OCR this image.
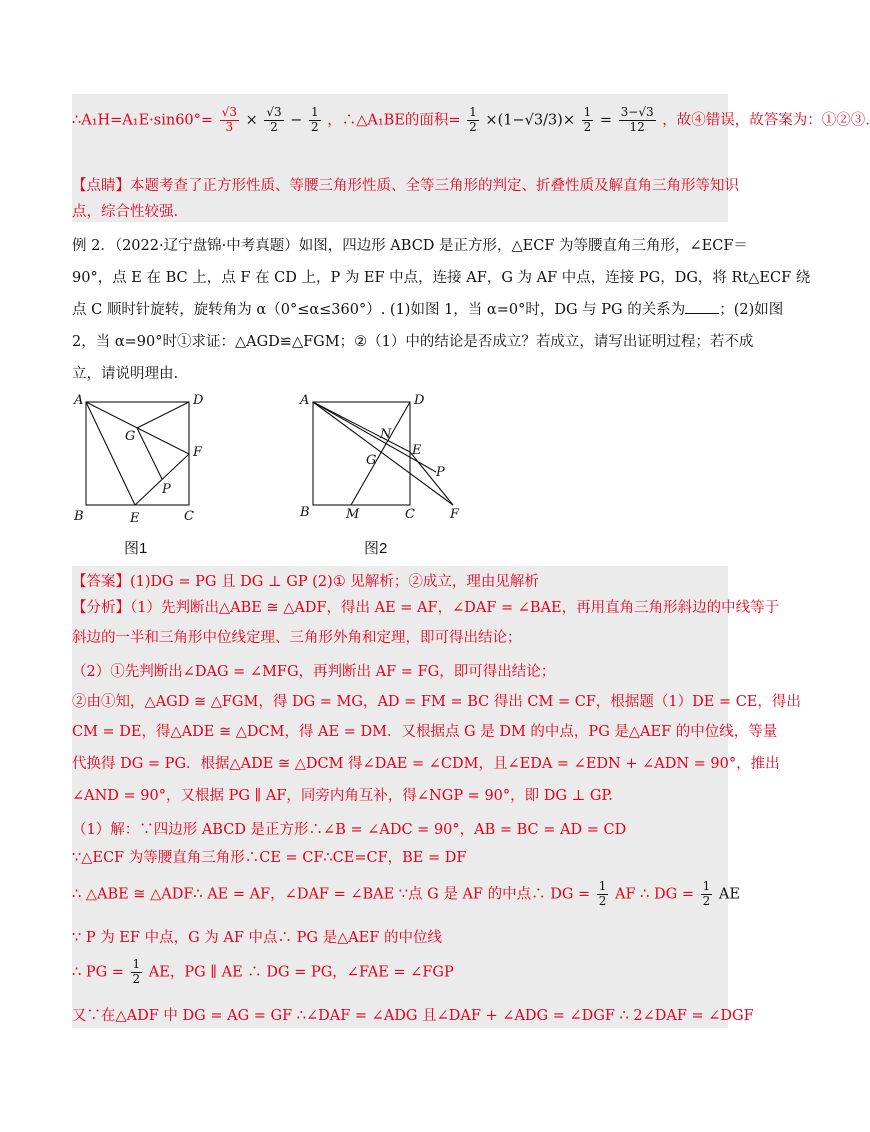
∴A₁H=A₁E·sin60°= $\frac{√3}{3} \times \frac{√3}{2} - \frac{1}{2}$ ，∴△A₁BE的面积= $\frac{1}{2} \times(1-√3/3)\times \frac{1}{2} = \frac{3-√3}{12}$ ，故④错误，故答案为：①②③.
【点睛】本题考查了正方形性质、等腰三角形性质、全等三角形的判定、折叠性质及解直角三角形等知识
点，综合性较强.
例 2．（2022·辽宁盘锦·中考真题）如图，四边形 ABCD 是正方形，△ECF 为等腰直角三角形，∠ECF＝
90°，点 E 在 BC 上，点 F 在 CD 上，P 为 EF 中点，连接 AF，G 为 AF 中点，连接 PG，DG，将 Rt△ECF 绕
点 C 顺时针旋转，旋转角为 α（0°≤α≤360°）. (1)如图 1，当 α=0°时，DG 与 PG 的关系为 ；(2)如图
2，当 α=90°时①求证：△AGD≌△FGM；②（1）中的结论是否成立？若成立，请写出证明过程；若不成
立，请说明理由.
A	D
G
F
P
B	E	C
图1
A	D
N
E
G
P
B	M	C	F
图2
【答案】(1)DG = PG 且 DG ⊥ GP (2)① 见解析；②成立，理由见解析
【分析】（1）先判断出△ABE ≅ △ADF，得出 AE = AF，∠DAF = ∠BAE，再用直角三角形斜边的中线等于
斜边的一半和三角形中位线定理、三角形外角和定理，即可得出结论；
（2）①先判断出∠DAG = ∠MFG，再判断出 AF = FG，即可得出结论；
②由①知，△AGD ≅ △FGM，得 DG = MG，AD = FM = BC 得出 CM = CF，根据题（1）DE = CE，得出
CM = DE，得△ADE ≅ △DCM，得 AE = DM．又根据点 G 是 DM 的中点，PG 是△AEF 的中位线，等量
代换得 DG = PG．根据△ADE ≅ △DCM 得∠DAE = ∠CDM，且∠EDA = ∠EDN + ∠ADN = 90°，推出
∠AND = 90°，又根据 PG ∥ AF，同旁内角互补，得∠NGP = 90°，即 DG ⊥ GP.
（1）解：∵四边形 ABCD 是正方形∴∠B = ∠ADC = 90°，AB = BC = AD = CD
∵△ECF 为等腰直角三角形∴CE = CF∴CE=CF，BE = DF
∴ △ABE ≅ △ADF∴ AE = AF，∠DAF = ∠BAE ∵点 G 是 AF 的中点∴ DG = $\frac{1}{2}$ AF ∴ DG = $\frac{1}{2}$ AE
∵ P 为 EF 中点，G 为 AF 中点∴ PG 是△AEF 的中位线
∴ PG = $\frac{1}{2}$ AE，PG ∥ AE ∴ DG = PG，∠FAE = ∠FGP
又∵在△ADF 中 DG = AG = GF ∴∠DAF = ∠ADG 且∠DAF + ∠ADG = ∠DGF ∴ 2∠DAF = ∠DGF
